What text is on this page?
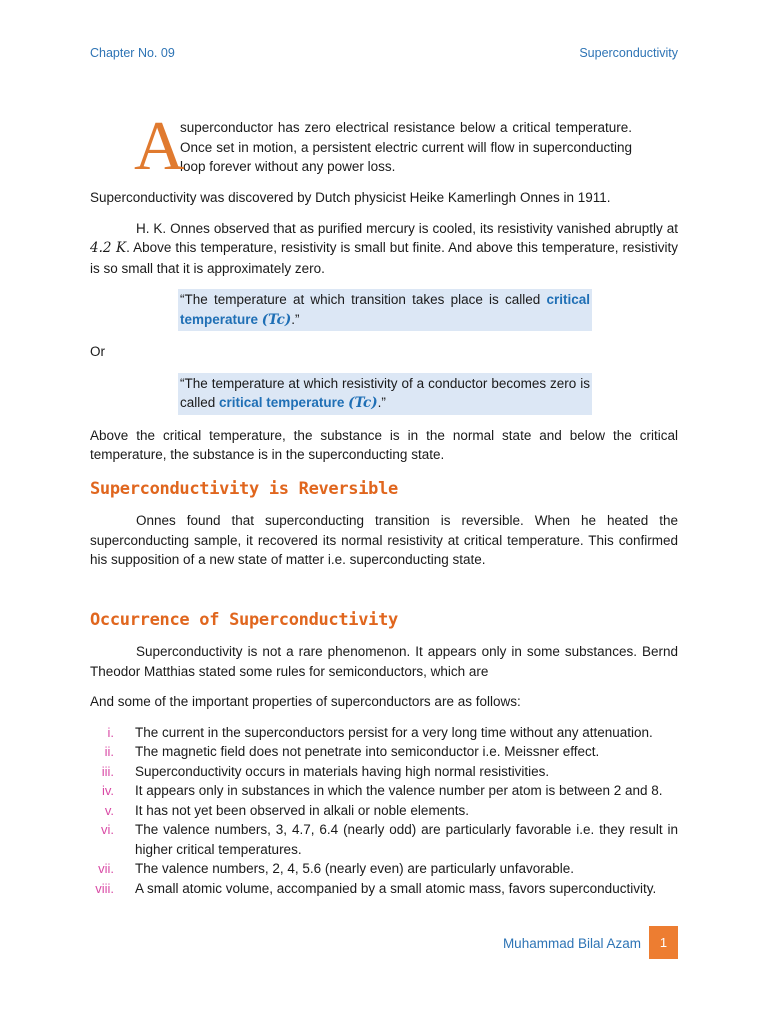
Chapter No. 09	Superconductivity
A

superconductor has zero electrical resistance below a critical temperature. Once set in motion, a persistent electric current will flow in superconducting loop forever without any power loss.

Superconductivity was discovered by Dutch physicist Heike Kamerlingh Onnes in 1911.

H. K. Onnes observed that as purified mercury is cooled, its resistivity vanished abruptly at 4.2 K. Above this temperature, resistivity is small but finite. And above this temperature, resistivity is so small that it is approximately zero.

“The temperature at which transition takes place is called critical temperature (Tc).”

Or

“The temperature at which resistivity of a conductor becomes zero is called critical temperature (Tc).”

Above the critical temperature, the substance is in the normal state and below the critical temperature, the substance is in the superconducting state.

Superconductivity is Reversible

Onnes found that superconducting transition is reversible. When he heated the superconducting sample, it recovered its normal resistivity at critical temperature. This confirmed his supposition of a new state of matter i.e. superconducting state.

Occurrence of Superconductivity

Superconductivity is not a rare phenomenon. It appears only in some substances. Bernd Theodor Matthias stated some rules for semiconductors, which are

And some of the important properties of superconductors are as follows:

i. The current in the superconductors persist for a very long time without any attenuation.
ii. The magnetic field does not penetrate into semiconductor i.e. Meissner effect.
iii. Superconductivity occurs in materials having high normal resistivities.
iv. It appears only in substances in which the valence number per atom is between 2 and 8.
v. It has not yet been observed in alkali or noble elements.
vi. The valence numbers, 3, 4.7, 6.4 (nearly odd) are particularly favorable i.e. they result in higher critical temperatures.
vii. The valence numbers, 2, 4, 5.6 (nearly even) are particularly unfavorable.
viii. A small atomic volume, accompanied by a small atomic mass, favors superconductivity.
Muhammad Bilal Azam 1
